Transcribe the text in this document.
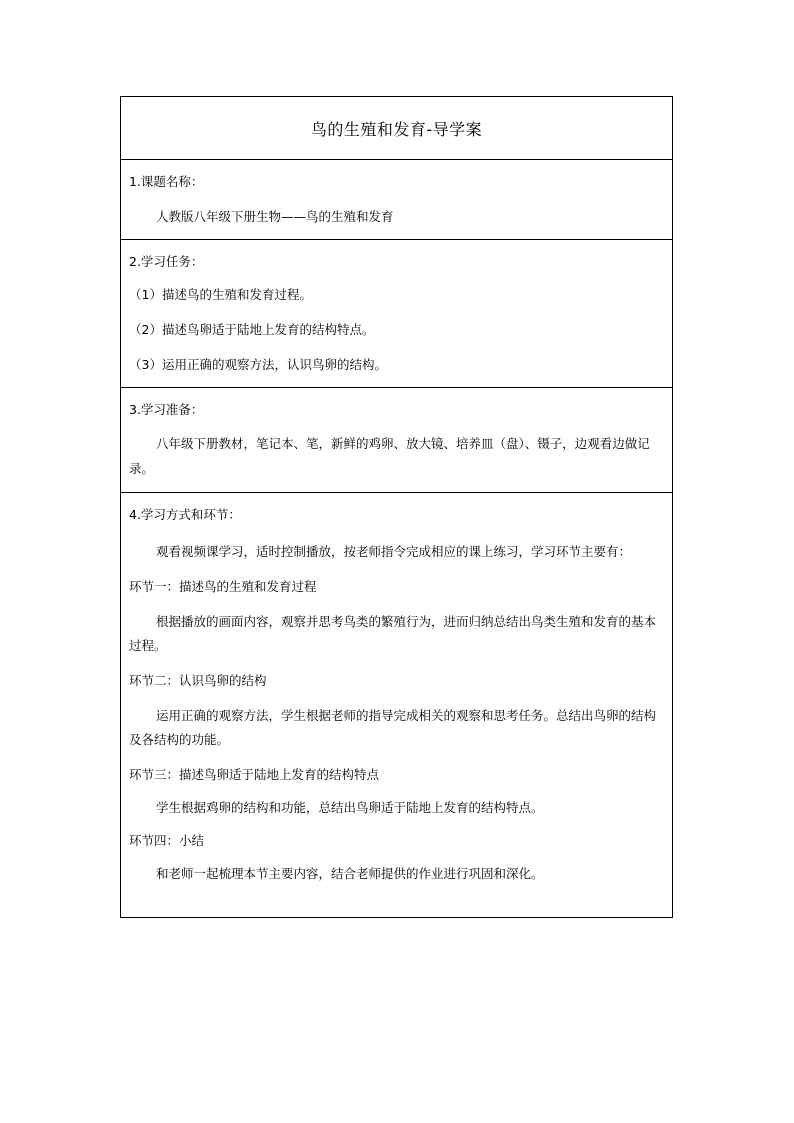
鸟的生殖和发育-导学案
1.课题名称：
人教版八年级下册生物——鸟的生殖和发育
2.学习任务：
（1）描述鸟的生殖和发育过程。
（2）描述鸟卵适于陆地上发育的结构特点。
（3）运用正确的观察方法，认识鸟卵的结构。
3.学习准备：
八年级下册教材，笔记本、笔，新鲜的鸡卵、放大镜、培养皿（盘）、镊子，边观看边做记录。
4.学习方式和环节：
观看视频课学习，适时控制播放，按老师指令完成相应的课上练习，学习环节主要有：
环节一：描述鸟的生殖和发育过程
根据播放的画面内容，观察并思考鸟类的繁殖行为，进而归纳总结出鸟类生殖和发育的基本过程。
环节二：认识鸟卵的结构
运用正确的观察方法，学生根据老师的指导完成相关的观察和思考任务。总结出鸟卵的结构及各结构的功能。
环节三：描述鸟卵适于陆地上发育的结构特点
学生根据鸡卵的结构和功能，总结出鸟卵适于陆地上发育的结构特点。
环节四：小结
和老师一起梳理本节主要内容，结合老师提供的作业进行巩固和深化。
